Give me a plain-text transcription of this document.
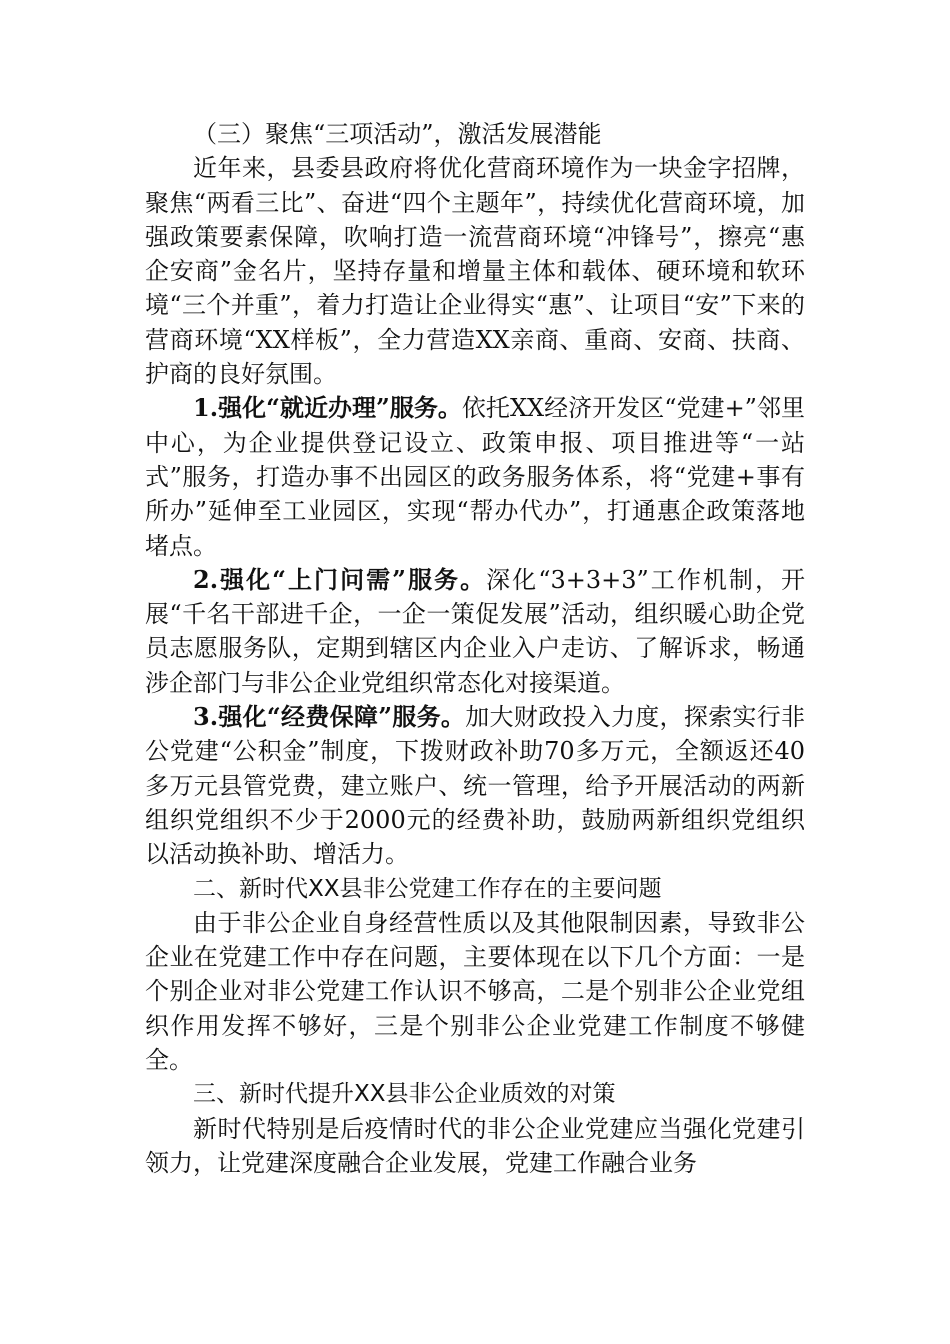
（三）聚焦“三项活动”，激活发展潜能

近年来，县委县政府将优化营商环境作为一块金字招牌，聚焦“两看三比”、奋进“四个主题年”，持续优化营商环境，加强政策要素保障，吹响打造一流营商环境“冲锋号”，擦亮“惠企安商”金名片，坚持存量和增量主体和载体、硬环境和软环境“三个并重”，着力打造让企业得实“惠”、让项目“安”下来的营商环境“XX样板”，全力营造XX亲商、重商、安商、扶商、护商的良好氛围。

1.强化“就近办理”服务。依托XX经济开发区“党建+”邻里中心，为企业提供登记设立、政策申报、项目推进等“一站式”服务，打造办事不出园区的政务服务体系，将“党建+事有所办”延伸至工业园区，实现“帮办代办”，打通惠企政策落地堵点。

2.强化“上门问需”服务。深化“3+3+3”工作机制，开展“千名干部进千企，一企一策促发展”活动，组织暖心助企党员志愿服务队，定期到辖区内企业入户走访、了解诉求，畅通涉企部门与非公企业党组织常态化对接渠道。

3.强化“经费保障”服务。加大财政投入力度，探索实行非公党建“公积金”制度，下拨财政补助70多万元，全额返还40多万元县管党费，建立账户、统一管理，给予开展活动的两新组织党组织不少于2000元的经费补助，鼓励两新组织党组织以活动换补助、增活力。

二、新时代XX县非公党建工作存在的主要问题

由于非公企业自身经营性质以及其他限制因素，导致非公企业在党建工作中存在问题，主要体现在以下几个方面：一是个别企业对非公党建工作认识不够高，二是个别非公企业党组织作用发挥不够好，三是个别非公企业党建工作制度不够健全。

三、新时代提升XX县非公企业质效的对策

新时代特别是后疫情时代的非公企业党建应当强化党建引领力，让党建深度融合企业发展，党建工作融合业务
